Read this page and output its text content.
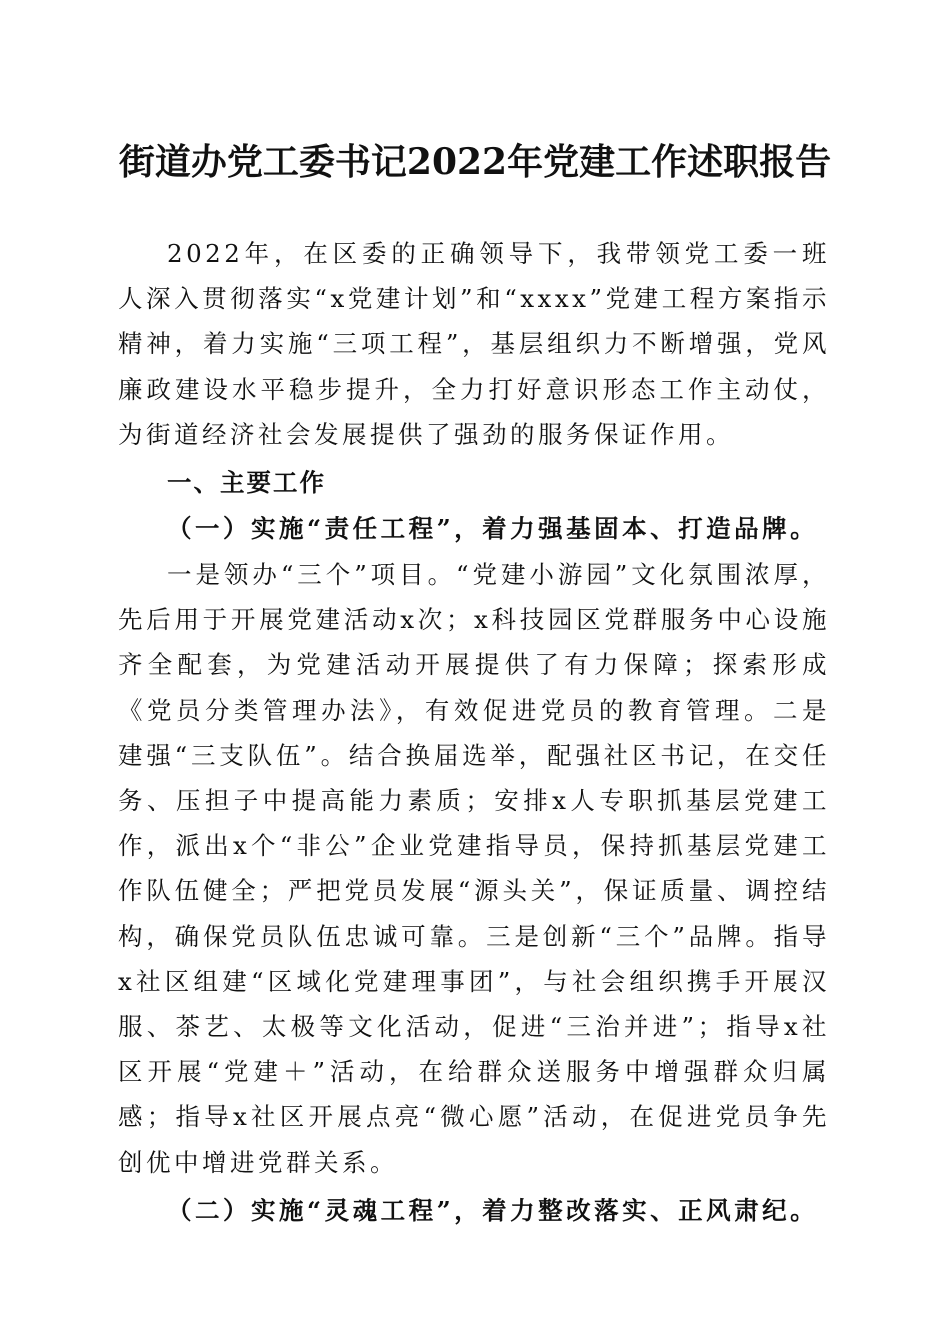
街道办党工委书记2022年党建工作述职报告

2022年，在区委的正确领导下，我带领党工委一班人深入贯彻落实“x党建计划”和“xxxx”党建工程方案指示精神，着力实施“三项工程”，基层组织力不断增强，党风廉政建设水平稳步提升，全力打好意识形态工作主动仗，为街道经济社会发展提供了强劲的服务保证作用。

一、主要工作

（一）实施“责任工程”，着力强基固本、打造品牌。

一是领办“三个”项目。“党建小游园”文化氛围浓厚，先后用于开展党建活动x次；x科技园区党群服务中心设施齐全配套，为党建活动开展提供了有力保障；探索形成《党员分类管理办法》，有效促进党员的教育管理。二是建强“三支队伍”。结合换届选举，配强社区书记，在交任务、压担子中提高能力素质；安排x人专职抓基层党建工作，派出x个“非公”企业党建指导员，保持抓基层党建工作队伍健全；严把党员发展“源头关”，保证质量、调控结构，确保党员队伍忠诚可靠。三是创新“三个”品牌。指导x社区组建“区域化党建理事团”，与社会组织携手开展汉服、茶艺、太极等文化活动，促进“三治并进”；指导x社区开展“党建＋”活动，在给群众送服务中增强群众归属感；指导x社区开展点亮“微心愿”活动，在促进党员争先创优中增进党群关系。

（二）实施“灵魂工程”，着力整改落实、正风肃纪。
